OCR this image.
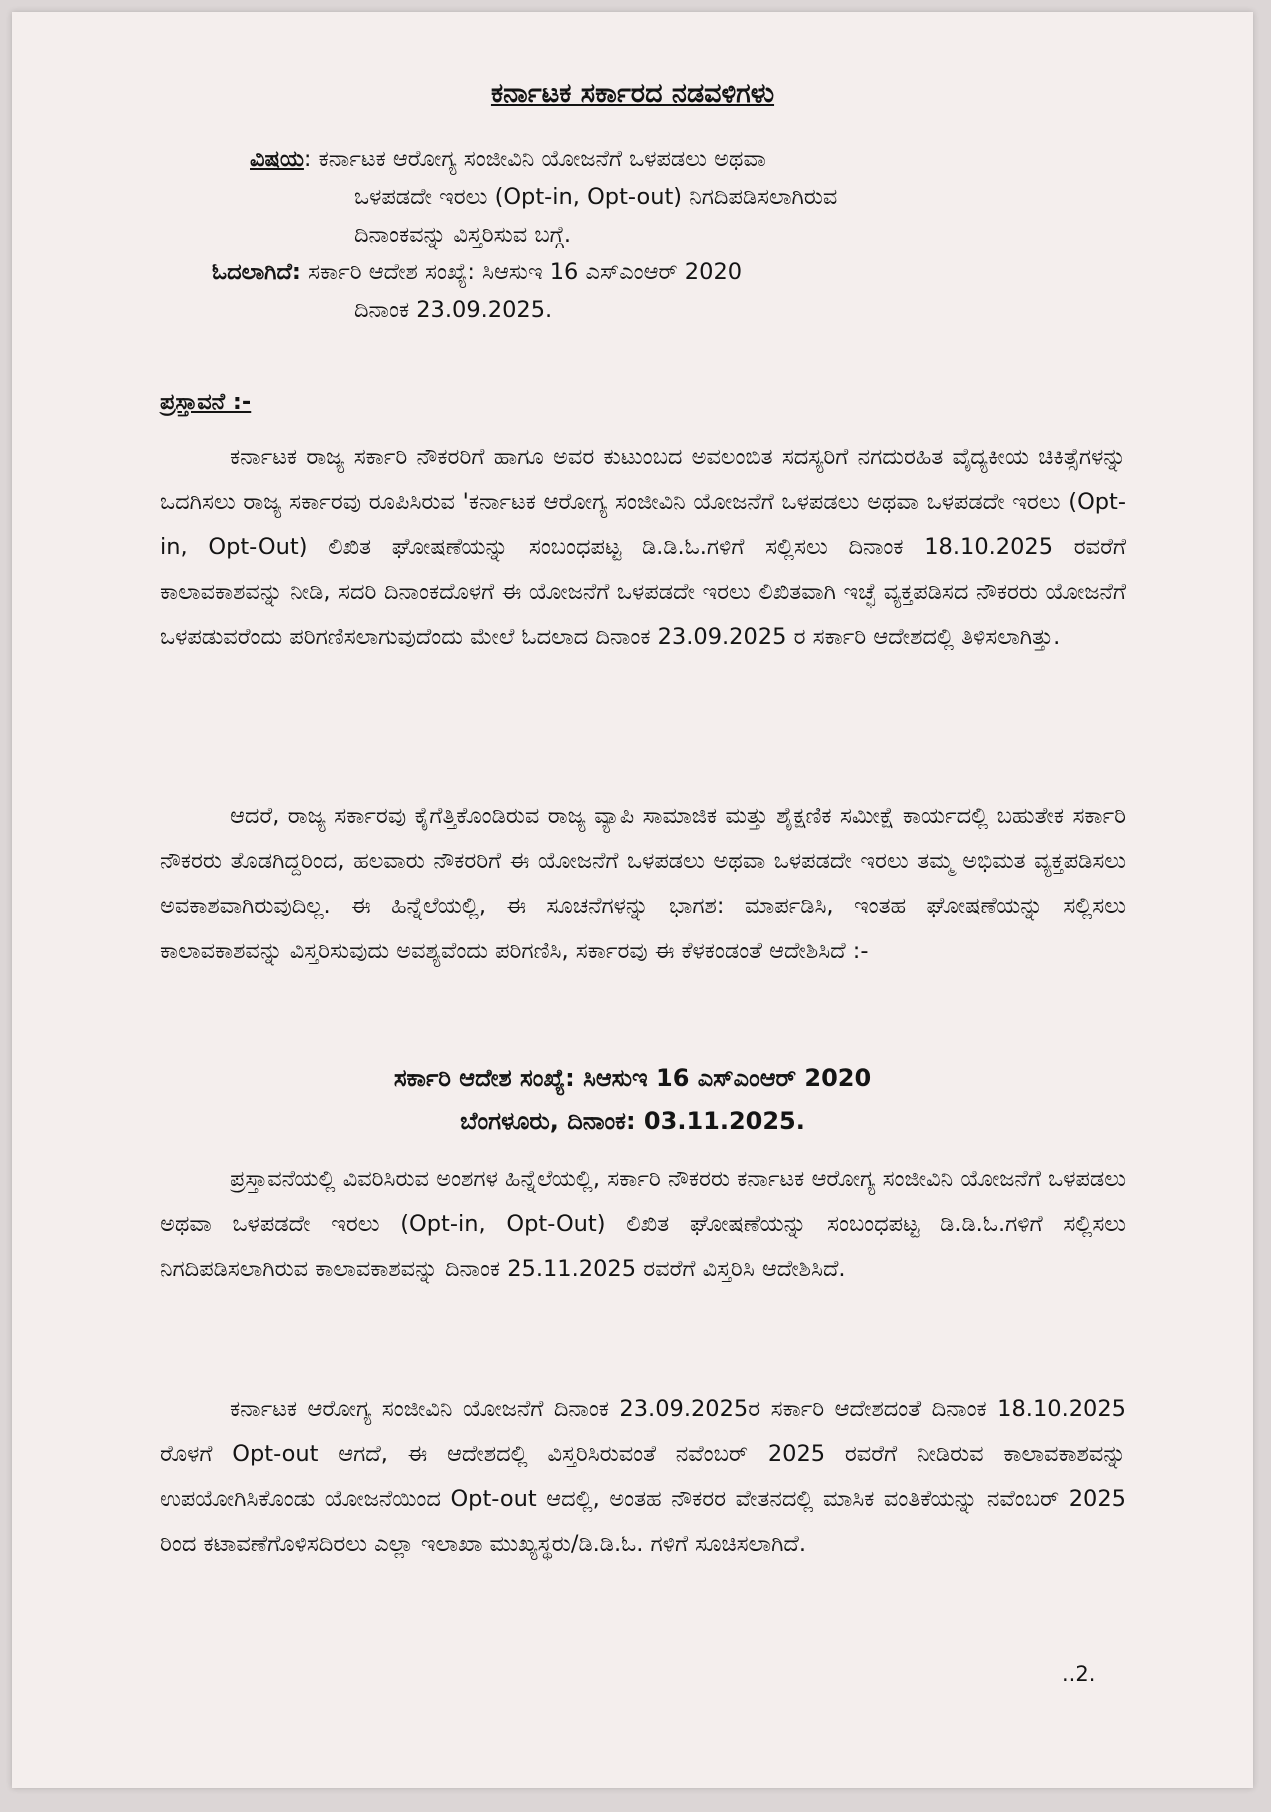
ಕರ್ನಾಟಕ ಸರ್ಕಾರದ ನಡವಳಿಗಳು
ವಿಷಯ: ಕರ್ನಾಟಕ ಆರೋಗ್ಯ ಸಂಜೀವಿನಿ ಯೋಜನೆಗೆ ಒಳಪಡಲು ಅಥವಾ
ಒಳಪಡದೇ ಇರಲು (Opt-in, Opt-out) ನಿಗದಿಪಡಿಸಲಾಗಿರುವ
ದಿನಾಂಕವನ್ನು ವಿಸ್ತರಿಸುವ ಬಗ್ಗೆ.
ಓದಲಾಗಿದೆ: ಸರ್ಕಾರಿ ಆದೇಶ ಸಂಖ್ಯೆ: ಸಿಆಸುಇ 16 ಎಸ್‌ಎಂಆರ್ 2020
ದಿನಾಂಕ 23.09.2025.
ಪ್ರಸ್ತಾವನೆ :-
ಕರ್ನಾಟಕ ರಾಜ್ಯ ಸರ್ಕಾರಿ ನೌಕರರಿಗೆ ಹಾಗೂ ಅವರ ಕುಟುಂಬದ ಅವಲಂಬಿತ ಸದಸ್ಯರಿಗೆ ನಗದುರಹಿತ ವೈದ್ಯಕೀಯ ಚಿಕಿತ್ಸೆಗಳನ್ನು ಒದಗಿಸಲು ರಾಜ್ಯ ಸರ್ಕಾರವು ರೂಪಿಸಿರುವ 'ಕರ್ನಾಟಕ ಆರೋಗ್ಯ ಸಂಜೀವಿನಿ ಯೋಜನೆಗೆ ಒಳಪಡಲು ಅಥವಾ ಒಳಪಡದೇ ಇರಲು (Opt-in, Opt-Out) ಲಿಖಿತ ಘೋಷಣೆಯನ್ನು ಸಂಬಂಧಪಟ್ಟ ಡಿ.ಡಿ.ಓ.ಗಳಿಗೆ ಸಲ್ಲಿಸಲು ದಿನಾಂಕ 18.10.2025 ರವರೆಗೆ ಕಾಲಾವಕಾಶವನ್ನು ನೀಡಿ, ಸದರಿ ದಿನಾಂಕದೊಳಗೆ ಈ ಯೋಜನೆಗೆ ಒಳಪಡದೇ ಇರಲು ಲಿಖಿತವಾಗಿ ಇಚ್ಛೆ ವ್ಯಕ್ತಪಡಿಸದ ನೌಕರರು ಯೋಜನೆಗೆ ಒಳಪಡುವರೆಂದು ಪರಿಗಣಿಸಲಾಗುವುದೆಂದು ಮೇಲೆ ಓದಲಾದ ದಿನಾಂಕ 23.09.2025 ರ ಸರ್ಕಾರಿ ಆದೇಶದಲ್ಲಿ ತಿಳಿಸಲಾಗಿತ್ತು.
ಆದರೆ, ರಾಜ್ಯ ಸರ್ಕಾರವು ಕೈಗೆತ್ತಿಕೊಂಡಿರುವ ರಾಜ್ಯ ವ್ಯಾಪಿ ಸಾಮಾಜಿಕ ಮತ್ತು ಶೈಕ್ಷಣಿಕ ಸಮೀಕ್ಷೆ ಕಾರ್ಯದಲ್ಲಿ ಬಹುತೇಕ ಸರ್ಕಾರಿ ನೌಕರರು ತೊಡಗಿದ್ದರಿಂದ, ಹಲವಾರು ನೌಕರರಿಗೆ ಈ ಯೋಜನೆಗೆ ಒಳಪಡಲು ಅಥವಾ ಒಳಪಡದೇ ಇರಲು ತಮ್ಮ ಅಭಿಮತ ವ್ಯಕ್ತಪಡಿಸಲು ಅವಕಾಶವಾಗಿರುವುದಿಲ್ಲ. ಈ ಹಿನ್ನೆಲೆಯಲ್ಲಿ, ಈ ಸೂಚನೆಗಳನ್ನು ಭಾಗಶ: ಮಾರ್ಪಡಿಸಿ, ಇಂತಹ ಘೋಷಣೆಯನ್ನು ಸಲ್ಲಿಸಲು ಕಾಲಾವಕಾಶವನ್ನು ವಿಸ್ತರಿಸುವುದು ಅವಶ್ಯವೆಂದು ಪರಿಗಣಿಸಿ, ಸರ್ಕಾರವು ಈ ಕೆಳಕಂಡಂತೆ ಆದೇಶಿಸಿದೆ :-
ಸರ್ಕಾರಿ ಆದೇಶ ಸಂಖ್ಯೆ: ಸಿಆಸುಇ 16 ಎಸ್‌ಎಂಆರ್ 2020
ಬೆಂಗಳೂರು, ದಿನಾಂಕ: 03.11.2025.
ಪ್ರಸ್ತಾವನೆಯಲ್ಲಿ ವಿವರಿಸಿರುವ ಅಂಶಗಳ ಹಿನ್ನೆಲೆಯಲ್ಲಿ, ಸರ್ಕಾರಿ ನೌಕರರು ಕರ್ನಾಟಕ ಆರೋಗ್ಯ ಸಂಜೀವಿನಿ ಯೋಜನೆಗೆ ಒಳಪಡಲು ಅಥವಾ ಒಳಪಡದೇ ಇರಲು (Opt-in, Opt-Out) ಲಿಖಿತ ಘೋಷಣೆಯನ್ನು ಸಂಬಂಧಪಟ್ಟ ಡಿ.ಡಿ.ಓ.ಗಳಿಗೆ ಸಲ್ಲಿಸಲು ನಿಗದಿಪಡಿಸಲಾಗಿರುವ ಕಾಲಾವಕಾಶವನ್ನು ದಿನಾಂಕ 25.11.2025 ರವರೆಗೆ ವಿಸ್ತರಿಸಿ ಆದೇಶಿಸಿದೆ.
ಕರ್ನಾಟಕ ಆರೋಗ್ಯ ಸಂಜೀವಿನಿ ಯೋಜನೆಗೆ ದಿನಾಂಕ 23.09.2025ರ ಸರ್ಕಾರಿ ಆದೇಶದಂತೆ ದಿನಾಂಕ 18.10.2025 ರೊಳಗೆ Opt-out ಆಗದೆ, ಈ ಆದೇಶದಲ್ಲಿ ವಿಸ್ತರಿಸಿರುವಂತೆ ನವೆಂಬರ್ 2025 ರವರೆಗೆ ನೀಡಿರುವ ಕಾಲಾವಕಾಶವನ್ನು ಉಪಯೋಗಿಸಿಕೊಂಡು ಯೋಜನೆಯಿಂದ Opt-out ಆದಲ್ಲಿ, ಅಂತಹ ನೌಕರರ ವೇತನದಲ್ಲಿ ಮಾಸಿಕ ವಂತಿಕೆಯನ್ನು ನವೆಂಬರ್ 2025 ರಿಂದ ಕಟಾವಣೆಗೊಳಿಸದಿರಲು ಎಲ್ಲಾ ಇಲಾಖಾ ಮುಖ್ಯಸ್ಥರು/ಡಿ.ಡಿ.ಓ. ಗಳಿಗೆ ಸೂಚಿಸಲಾಗಿದೆ.
..2.
